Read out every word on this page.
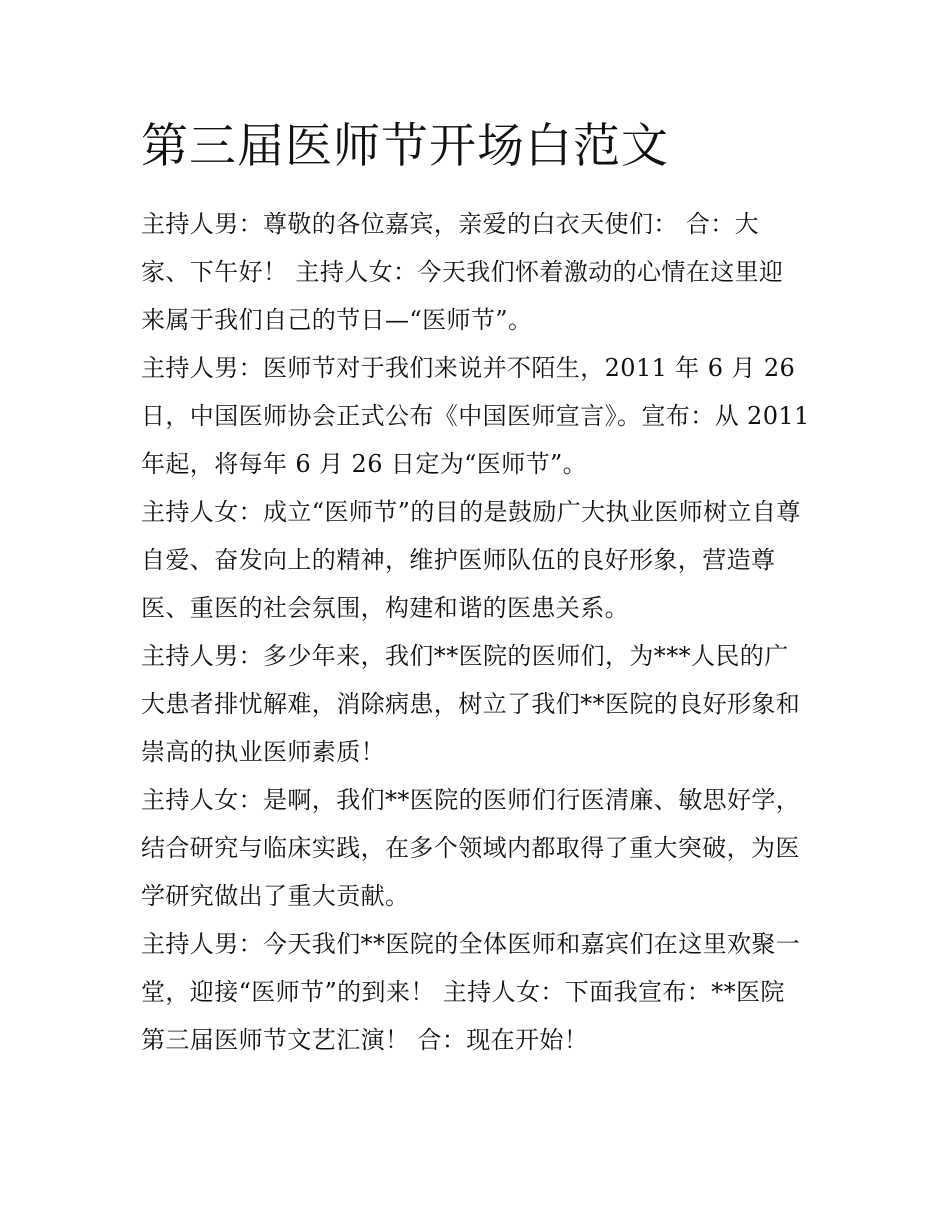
第三届医师节开场白范文
主持人男：尊敬的各位嘉宾，亲爱的白衣天使们： 合：大
家、下午好！ 主持人女：今天我们怀着激动的心情在这里迎
来属于我们自己的节日—“医师节”。
主持人男：医师节对于我们来说并不陌生，2011 年 6 月 26
日，中国医师协会正式公布《中国医师宣言》。宣布：从 2011
年起，将每年 6 月 26 日定为“医师节”。
主持人女：成立“医师节”的目的是鼓励广大执业医师树立自尊
自爱、奋发向上的精神，维护医师队伍的良好形象，营造尊
医、重医的社会氛围，构建和谐的医患关系。
主持人男：多少年来，我们**医院的医师们，为***人民的广
大患者排忧解难，消除病患，树立了我们**医院的良好形象和
崇高的执业医师素质！
主持人女：是啊，我们**医院的医师们行医清廉、敏思好学，
结合研究与临床实践，在多个领域内都取得了重大突破，为医
学研究做出了重大贡献。
主持人男：今天我们**医院的全体医师和嘉宾们在这里欢聚一
堂，迎接“医师节”的到来！ 主持人女：下面我宣布：**医院
第三届医师节文艺汇演！ 合：现在开始！
